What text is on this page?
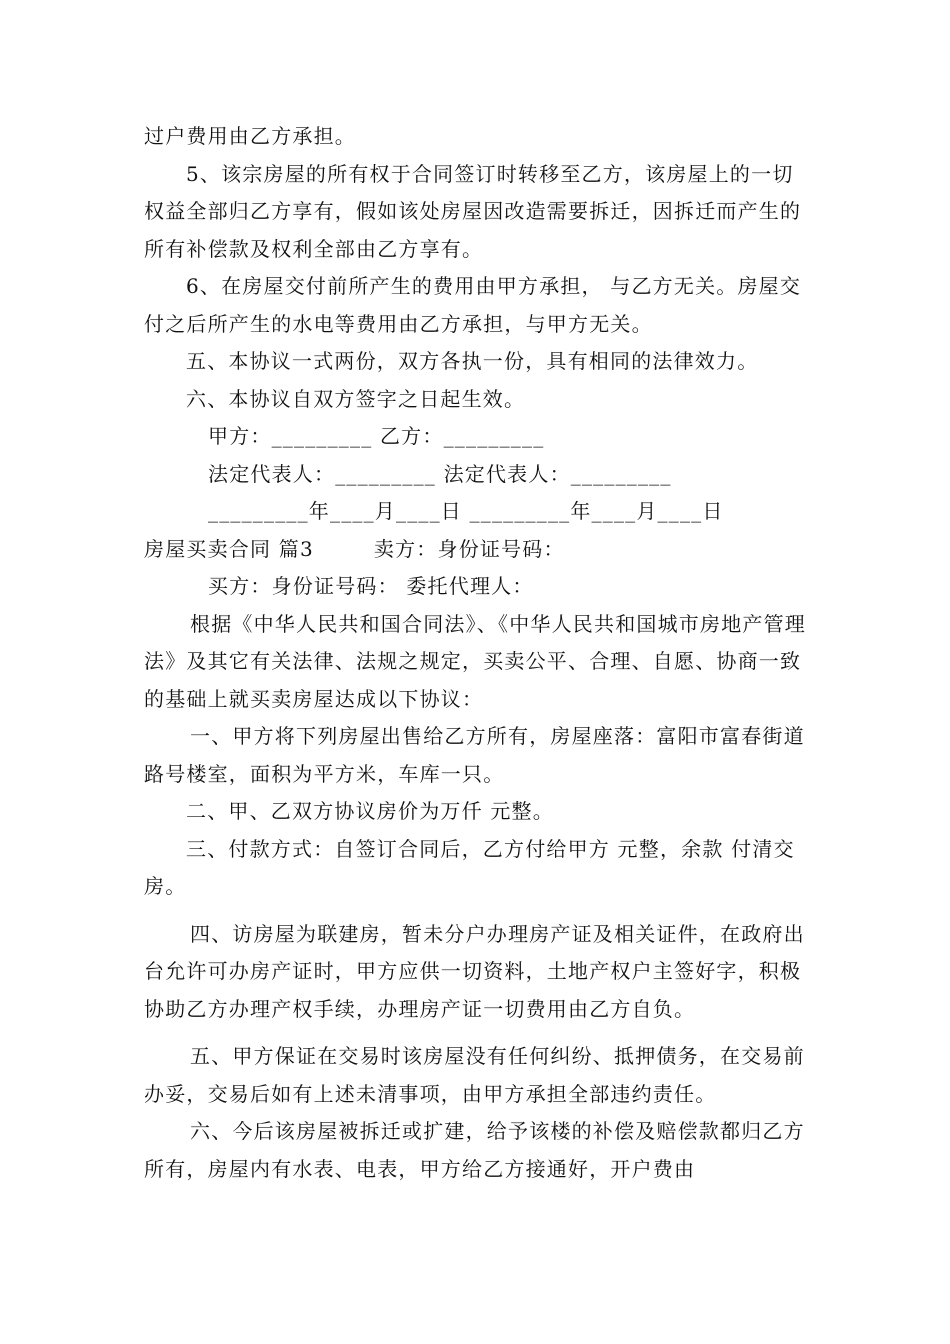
过户费用由乙方承担。

5、该宗房屋的所有权于合同签订时转移至乙方，该房屋上的一切权益全部归乙方享有，假如该处房屋因改造需要拆迁，因拆迁而产生的所有补偿款及权利全部由乙方享有。

6、在房屋交付前所产生的费用由甲方承担， 与乙方无关。房屋交付之后所产生的水电等费用由乙方承担，与甲方无关。

五、本协议一式两份，双方各执一份，具有相同的法律效力。

六、本协议自双方签字之日起生效。

甲方：_________ 乙方：_________

法定代表人：_________ 法定代表人：_________

_________年____月____日 _________年____月____日

房屋买卖合同 篇3	卖方：身份证号码：

买方：身份证号码： 委托代理人：

根据《中华人民共和国合同法》、《中华人民共和国城市房地产管理法》及其它有关法律、法规之规定，买卖公平、合理、自愿、协商一致的基础上就买卖房屋达成以下协议：

一、甲方将下列房屋出售给乙方所有，房屋座落：富阳市富春街道路号楼室，面积为平方米，车库一只。

二、甲、乙双方协议房价为万仟 元整。

三、付款方式：自签订合同后，乙方付给甲方 元整，余款 付清交房。

四、访房屋为联建房，暂未分户办理房产证及相关证件，在政府出台允许可办房产证时，甲方应供一切资料，土地产权户主签好字，积极协助乙方办理产权手续，办理房产证一切费用由乙方自负。

五、甲方保证在交易时该房屋没有任何纠纷、抵押债务，在交易前办妥，交易后如有上述未清事项，由甲方承担全部违约责任。

六、今后该房屋被拆迁或扩建，给予该楼的补偿及赔偿款都归乙方所有，房屋内有水表、电表，甲方给乙方接通好，开户费由
